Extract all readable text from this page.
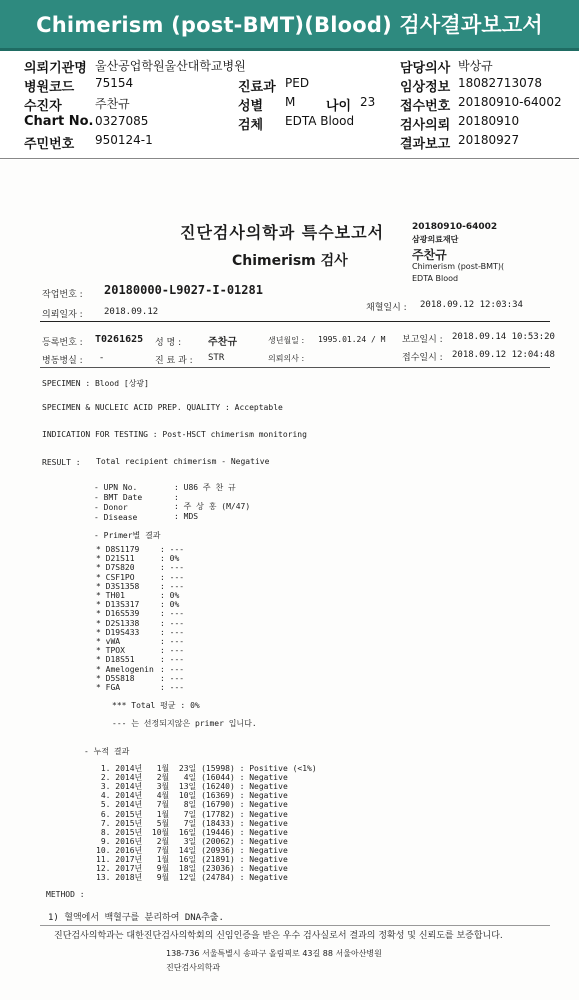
Chimerism (post-BMT)(Blood) 검사결과보고서
의뢰기관명 울산공업학원울산대학교병원
병원코드 75154
수진자	주찬규
Chart No. 0327085
주민번호 950124-1
진료과 PED
성별 M 나이 23
검체 EDTA Blood
담당의사 박상규
임상정보 18082713078
접수번호 20180910-64002
검사의뢰 20180910
결과보고 20180927
진단검사의학과 특수보고서
Chimerism 검사
20180910-64002
삼광의료재단
주찬규
Chimerism (post-BMT)(
EDTA Blood
작업번호 : 20180000-L9027-I-01281
채혈일시 : 2018.09.12 12:03:34
의뢰일자 : 2018.09.12
등록번호 : T0261625 성 명 :	주찬규	생년월일 : 1995.01.24 / M 보고일시 : 2018.09.14 10:53:20
병동병실 : -	진 료 과 : STR	의뢰의사 :	접수일시 : 2018.09.12 12:04:48
SPECIMEN : Blood [상광]
SPECIMEN & NUCLEIC ACID PREP. QUALITY : Acceptable
INDICATION FOR TESTING : Post-HSCT chimerism monitoring
RESULT : Total recipient chimerism - Negative
- UPN No.	: U86 주 찬 규
- BMT Date	:
- Donor	: 주 상 홍 (M/47)
- Disease	: MDS
- Primer별 결과
*** Total 평균 : 0%
--- 는 선정되지않은 primer 입니다.
- 누적 결과
METHOD :
1) 혈액에서 백혈구를 분리하여 DNA추출.
진단검사의학과는 대한진단검사의학회의 신임인증을 받은 우수 검사실로서 결과의 정확성 및 신뢰도를 보증합니다.
138-736 서울특별시 송파구 올림픽로 43길 88 서울아산병원
진단검사의학과
* D8S1179	: ---
* D21S11	: 0%
* D7S820	: ---
* CSF1PO	: ---
* D3S1358	: ---
* TH01	: 0%
* D13S317	: 0%
* D16S539	: ---
* D2S1338	: ---
* D19S433	: ---
* vWA	: ---
* TPOX	: ---
* D18S51	: ---
* Amelogenin : ---
* D5S818	: ---
* FGA	: ---
1. 2014년   1월  23일 (15998) : Positive (<1%)
2. 2014년   2월   4일 (16044) : Negative
3. 2014년   3월  13일 (16240) : Negative
4. 2014년   4월  10일 (16369) : Negative
5. 2014년   7월   8일 (16790) : Negative
6. 2015년   1월   7일 (17782) : Negative
7. 2015년   5월   7일 (18433) : Negative
8. 2015년  10월  16일 (19446) : Negative
9. 2016년   2월   3일 (20062) : Negative
10. 2016년   7월  14일 (20936) : Negative
11. 2017년   1월  16일 (21891) : Negative
12. 2017년   9월  18일 (23036) : Negative
13. 2018년   9월  12일 (24784) : Negative
